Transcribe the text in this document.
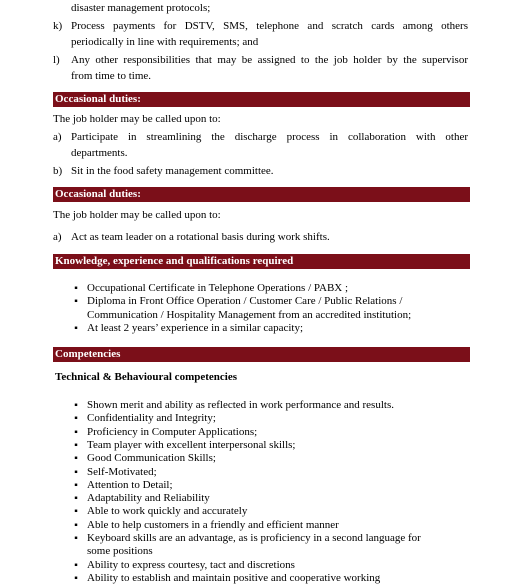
disaster management protocols;
k) Process payments for DSTV, SMS, telephone and scratch cards among others
periodically in line with requirements; and
l) Any other responsibilities that may be assigned to the job holder by the supervisor
from time to time.
Occasional duties:
The job holder may be called upon to:
a) Participate in streamlining the discharge process in collaboration with other
departments.
b) Sit in the food safety management committee.
Occasional duties:
The job holder may be called upon to:
a) Act as team leader on a rotational basis during work shifts.
Knowledge, experience and qualifications required
▪ Occupational Certificate in Telephone Operations / PABX ;
▪ Diploma in Front Office Operation / Customer Care / Public Relations /
Communication / Hospitality Management from an accredited institution;
▪ At least 2 years’ experience in a similar capacity;
Competencies
Technical & Behavioural competencies
▪ Shown merit and ability as reflected in work performance and results.
▪ Confidentiality and Integrity;
▪ Proficiency in Computer Applications;
▪ Team player with excellent interpersonal skills;
▪ Good Communication Skills;
▪ Self-Motivated;
▪ Attention to Detail;
▪ Adaptability and Reliability
▪ Able to work quickly and accurately
▪ Able to help customers in a friendly and efficient manner
▪ Keyboard skills are an advantage, as is proficiency in a second language for
some positions
▪ Ability to express courtesy, tact and discretions
▪ Ability to establish and maintain positive and cooperative working
